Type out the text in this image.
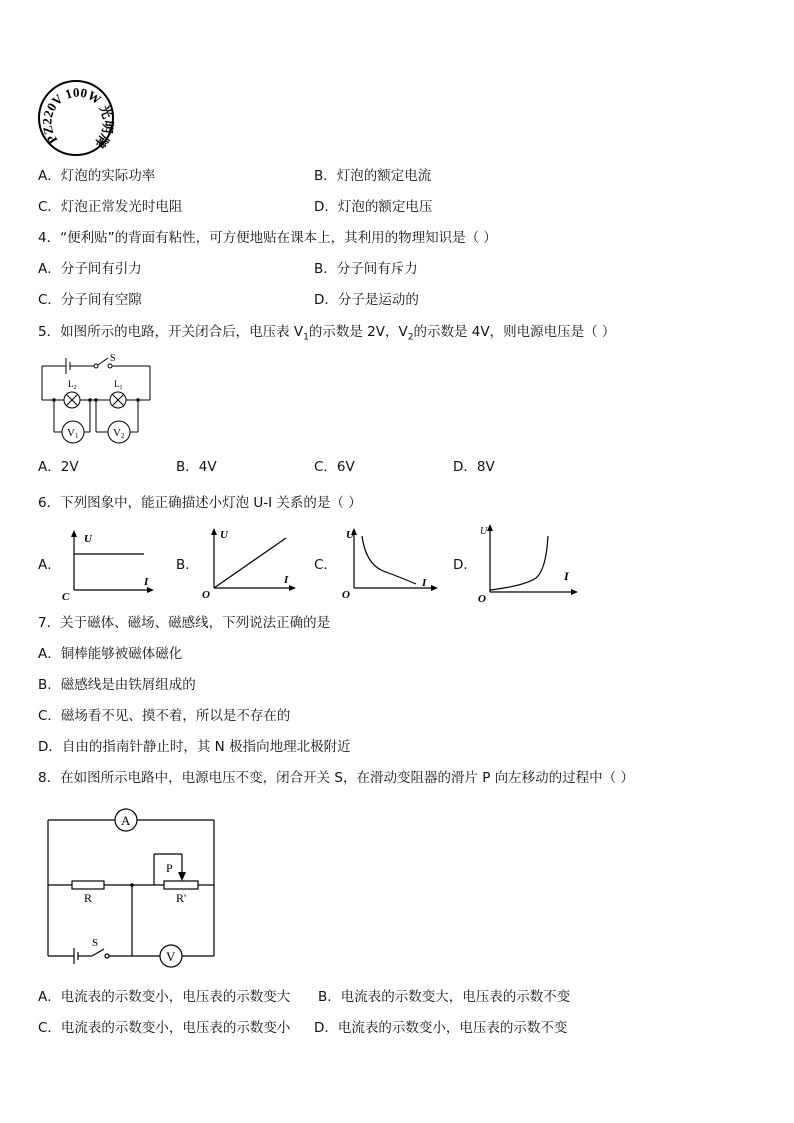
PZ220V 100W 光明牌
A．灯泡的实际功率	B．灯泡的额定电流
C．灯泡正常发光时电阻	D．灯泡的额定电压
4．“便利贴”的背面有粘性，可方便地贴在课本上，其利用的物理知识是（ ）
A．分子间有引力	B．分子间有斥力
C．分子间有空隙	D．分子是运动的
5．如图所示的电路，开关闭合后，电压表 $V_1$的示数是 2V，$V_2$的示数是 4V，则电源电压是（ ）
S
$L_2$	$L_1$
V1	V2
A．2V	B．4V	C．6V	D．8V
6．下列图象中，能正确描述小灯泡 U-I 关系的是（ ）
A．
U
I
C
B．
U
I
O
C．
U
I
O
D．
U
I
O
7．关于磁体、磁场、磁感线，下列说法正确的是
A．铜棒能够被磁体磁化
B．磁感线是由铁屑组成的
C．磁场看不见、摸不着，所以是不存在的
D．自由的指南针静止时，其 N 极指向地理北极附近
8．在如图所示电路中，电源电压不变，闭合开关 S，在滑动变阻器的滑片 P 向左移动的过程中（ ）
A
V
R	R'
P
S
A．电流表的示数变小，电压表的示数变大 B．电流表的示数变大，电压表的示数不变
C．电流表的示数变小，电压表的示数变小 D．电流表的示数变小，电压表的示数不变
